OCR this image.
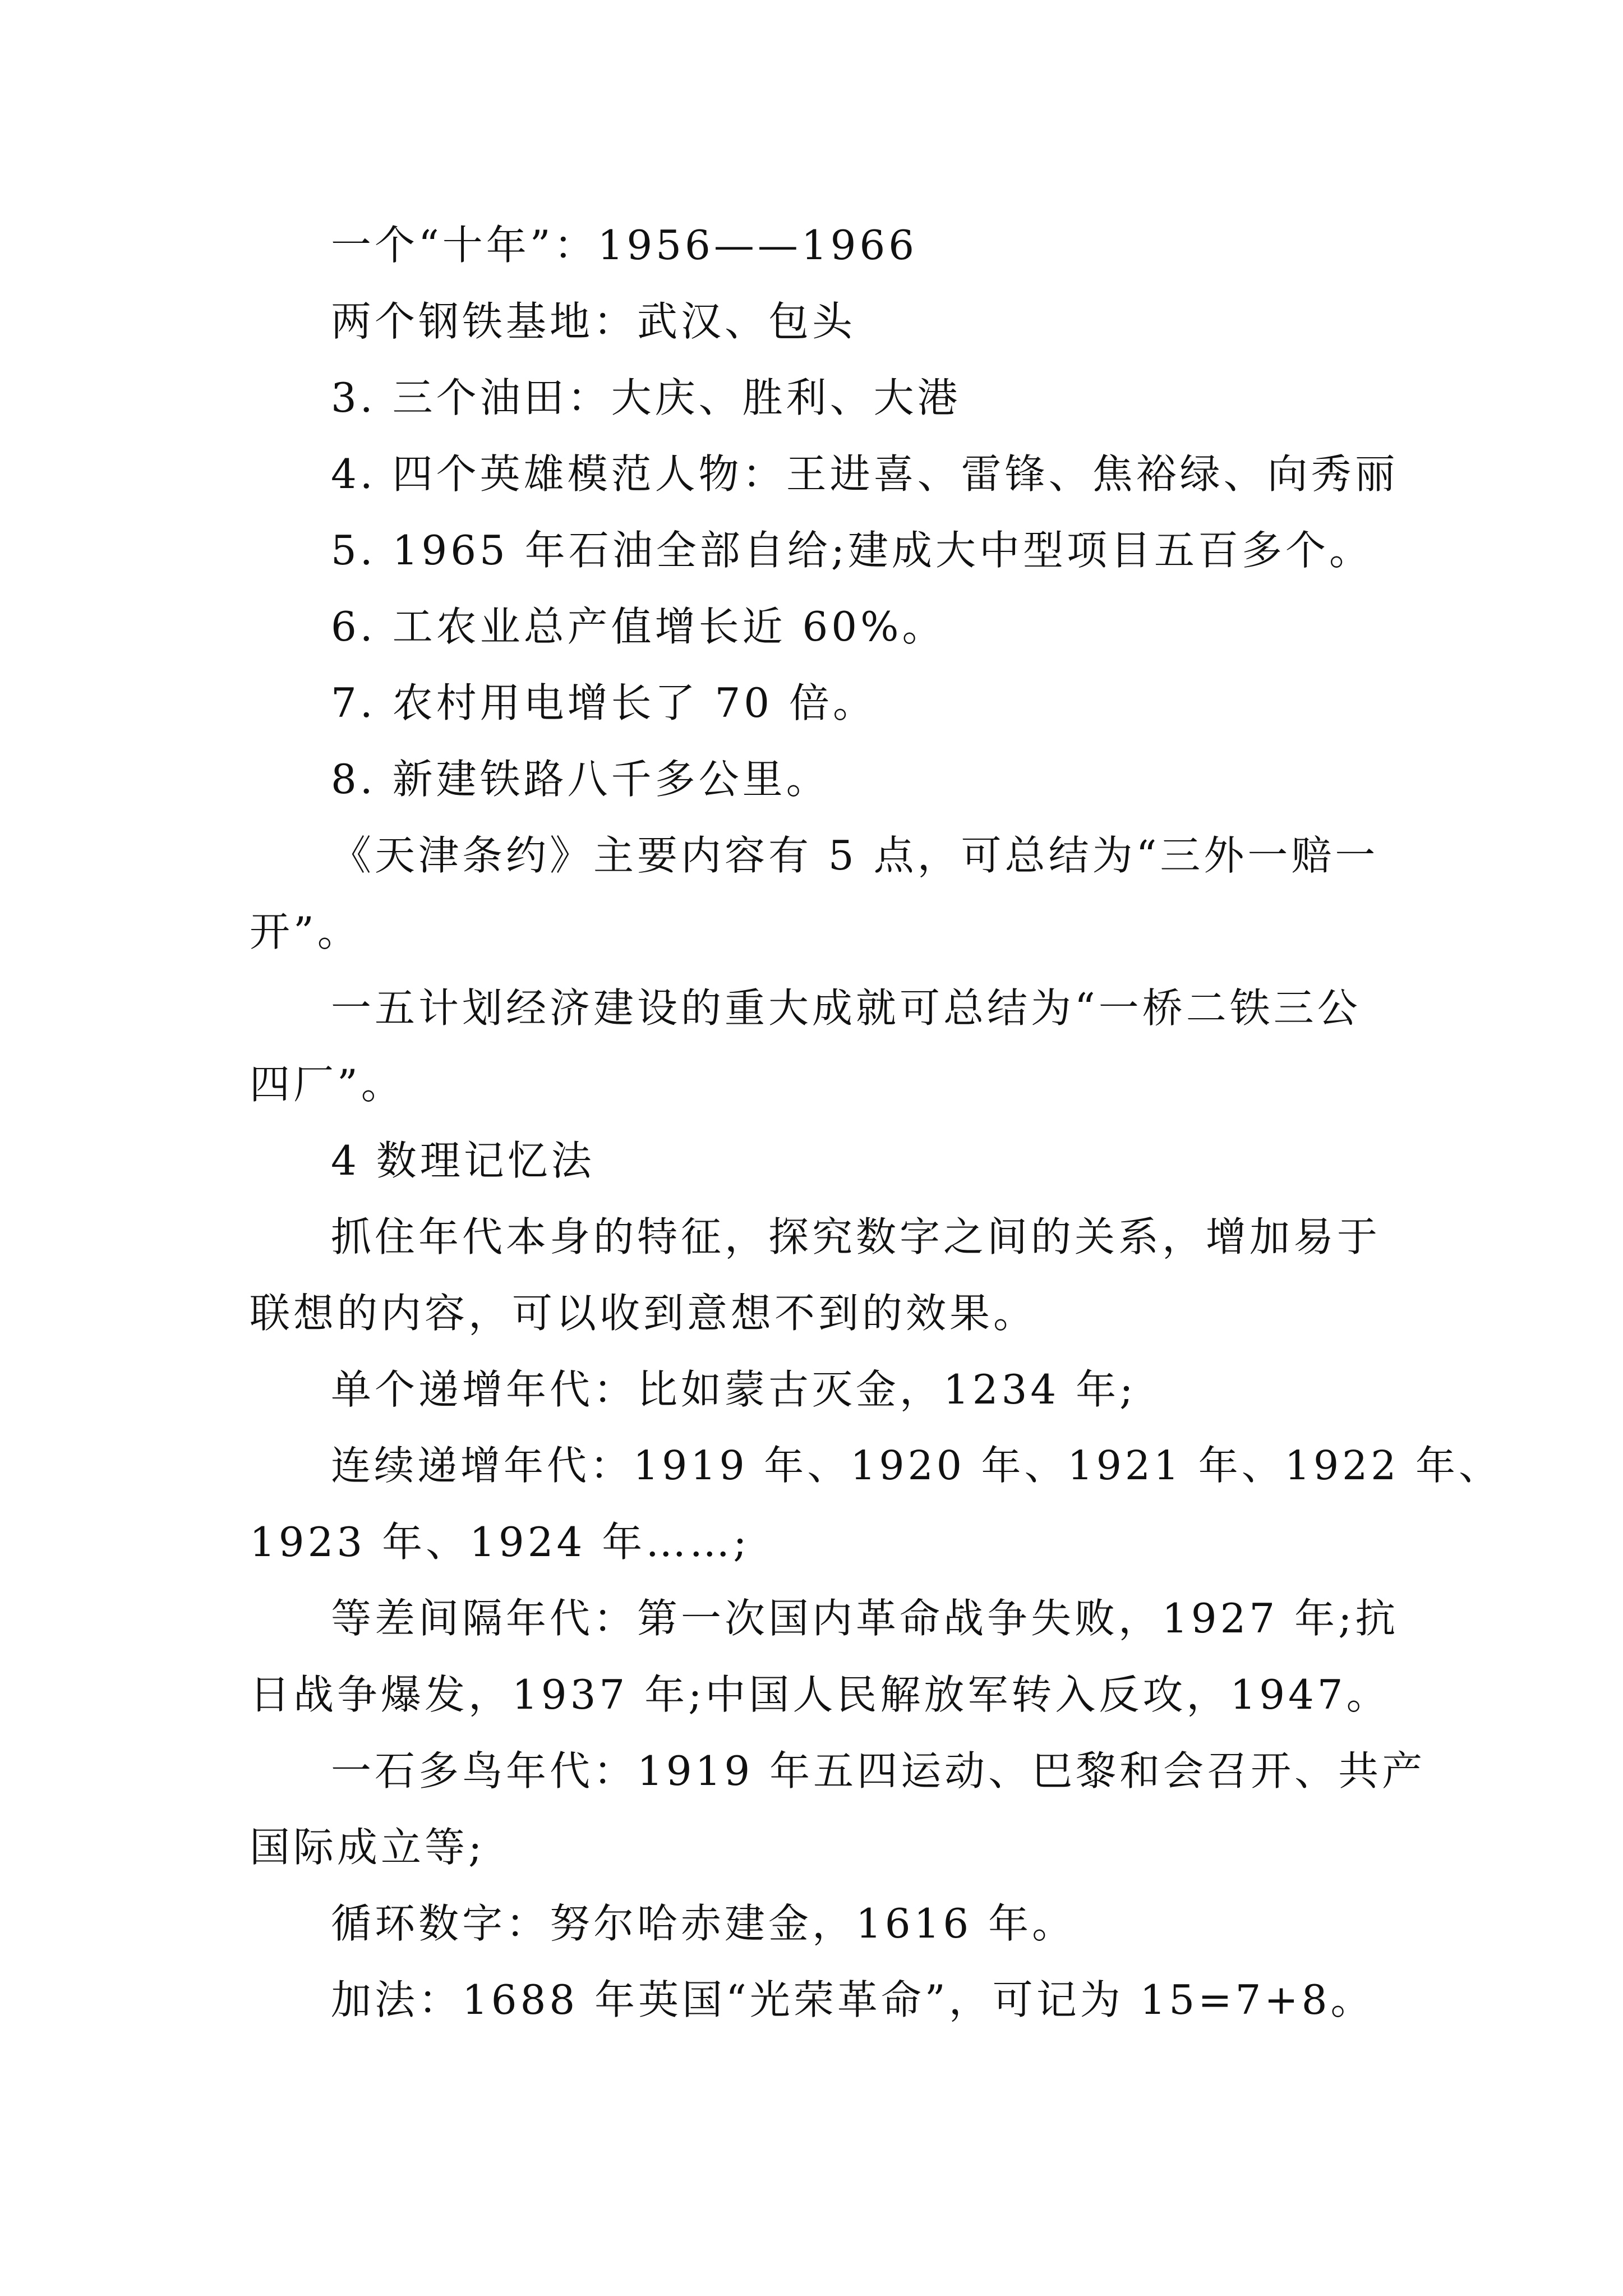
一个“十年”：1956——1966
两个钢铁基地：武汉、包头
3. 三个油田：大庆、胜利、大港
4. 四个英雄模范人物：王进喜、雷锋、焦裕绿、向秀丽
5. 1965 年石油全部自给;建成大中型项目五百多个。
6. 工农业总产值增长近 60%。
7. 农村用电增长了 70 倍。
8. 新建铁路八千多公里。
《天津条约》主要内容有 5 点，可总结为“三外一赔一
开”。
一五计划经济建设的重大成就可总结为“一桥二铁三公
四厂”。
4 数理记忆法
抓住年代本身的特征，探究数字之间的关系，增加易于
联想的内容，可以收到意想不到的效果。
单个递增年代：比如蒙古灭金，1234 年;
连续递增年代：1919 年、1920 年、1921 年、1922 年、
1923 年、1924 年……;
等差间隔年代：第一次国内革命战争失败，1927 年;抗
日战争爆发，1937 年;中国人民解放军转入反攻，1947。
一石多鸟年代：1919 年五四运动、巴黎和会召开、共产
国际成立等;
循环数字：努尔哈赤建金，1616 年。
加法：1688 年英国“光荣革命”，可记为 15=7+8。
